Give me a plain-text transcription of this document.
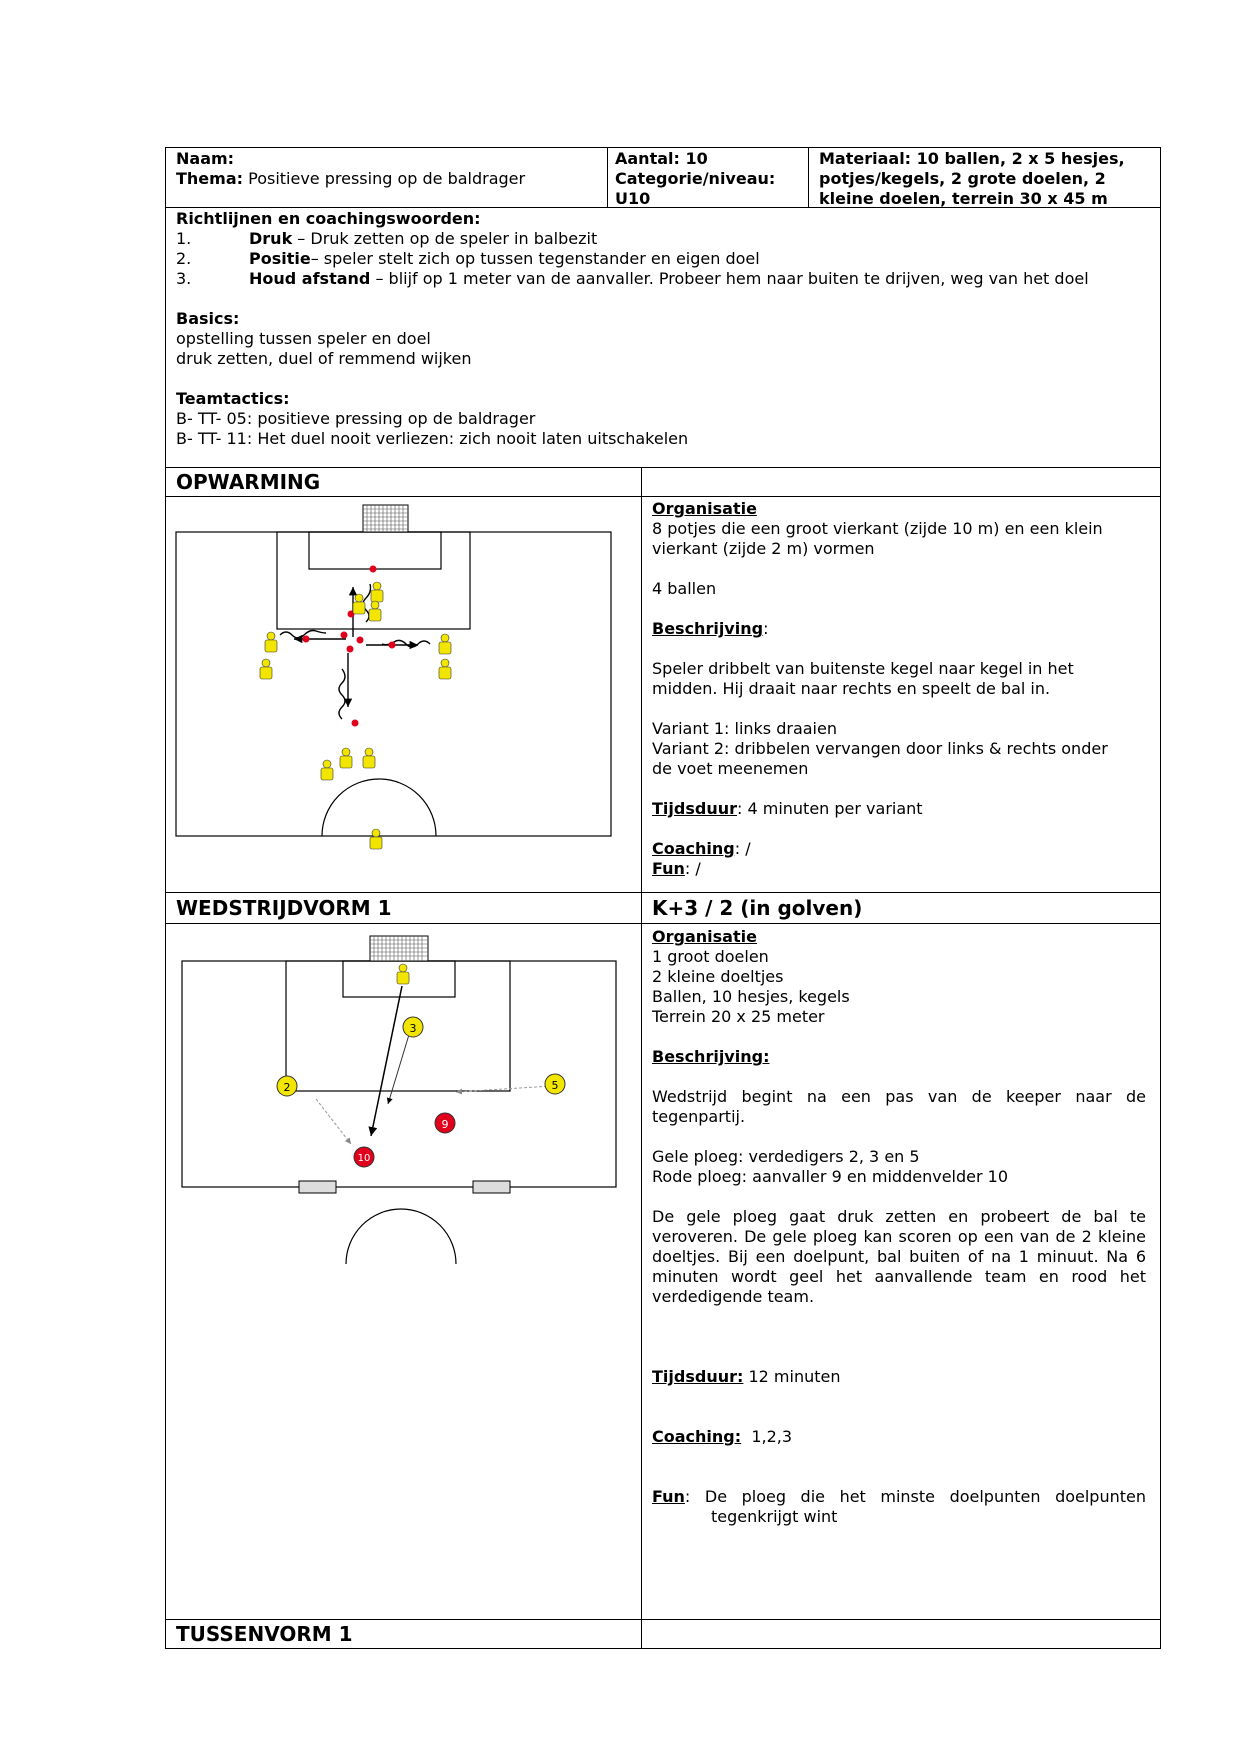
Naam:
Thema: Positieve pressing op de baldrager
Aantal: 10
Categorie/niveau:
U10
Materiaal: 10 ballen, 2 x 5 hesjes,
potjes/kegels, 2 grote doelen, 2
kleine doelen, terrein 30 x 45 m
Richtlijnen en coachingswoorden:
1.	Druk – Druk zetten op de speler in balbezit
2.	Positie– speler stelt zich op tussen tegenstander en eigen doel
3.	Houd afstand – blijf op 1 meter van de aanvaller. Probeer hem naar buiten te drijven, weg van het doel
Basics:
opstelling tussen speler en doel
druk zetten, duel of remmend wijken
Teamtactics:
B- TT- 05: positieve pressing op de baldrager
B- TT- 11: Het duel nooit verliezen: zich nooit laten uitschakelen
OPWARMING
Organisatie
8 potjes die een groot vierkant (zijde 10 m) en een klein
vierkant (zijde 2 m) vormen
4 ballen
Beschrijving:
Speler dribbelt van buitenste kegel naar kegel in het
midden. Hij draait naar rechts en speelt de bal in.
Variant 1: links draaien
Variant 2: dribbelen vervangen door links & rechts onder
de voet meenemen
Tijdsduur: 4 minuten per variant
Coaching: /
Fun: /
WEDSTRIJDVORM 1	K+3 / 2 (in golven)
3
2	5
9
10
Organisatie
1 groot doelen
2 kleine doeltjes
Ballen, 10 hesjes, kegels
Terrein 20 x 25 meter
Beschrijving:
Wedstrijd begint na een pas van de keeper naar de tegenpartij.
Gele ploeg: verdedigers 2, 3 en 5
Rode ploeg: aanvaller 9 en middenvelder 10
De gele ploeg gaat druk zetten en probeert de bal te veroveren. De gele ploeg kan scoren op een van de 2 kleine doeltjes. Bij een doelpunt, bal buiten of na 1 minuut. Na 6 minuten wordt geel het aanvallende team en rood het verdedigende team.
Tijdsduur: 12 minuten
Coaching: 1,2,3
Fun: De ploeg die het minste doelpunten doelpunten
tegenkrijgt wint
TUSSENVORM 1
